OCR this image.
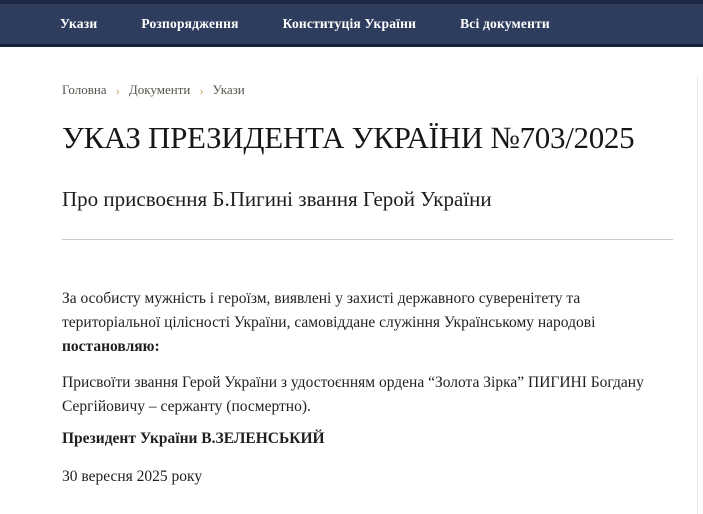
Укази	Розпорядження	Конституція України	Всі документи
Головна › Документи › Укази
УКАЗ ПРЕЗИДЕНТА УКРАЇНИ №703/2025
Про присвоєння Б.Пигині звання Герой України

За особисту мужність і героїзм, виявлені у захисті державного суверенітету та територіальної цілісності України, самовіддане служіння Українському народові постановляю:

Присвоїти звання Герой України з удостоєнням ордена “Золота Зірка” ПИГИНІ Богдану Сергійовичу – сержанту (посмертно).

Президент України В.ЗЕЛЕНСЬКИЙ

30 вересня 2025 року
